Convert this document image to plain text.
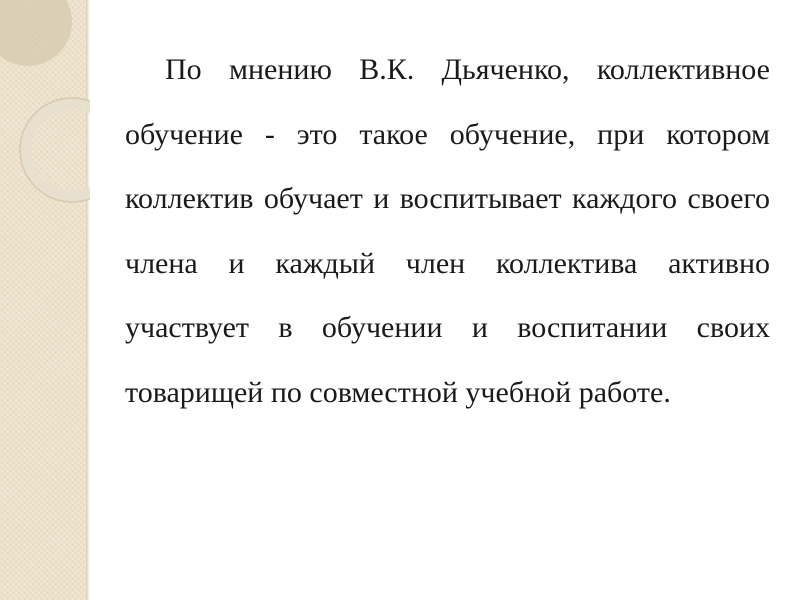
По мнению В.К. Дьяченко, коллективное обучение - это такое обучение, при котором коллектив обучает и воспитывает каждого своего члена и каждый член коллектива активно участвует в обучении и воспитании своих товарищей по совместной учебной работе.
